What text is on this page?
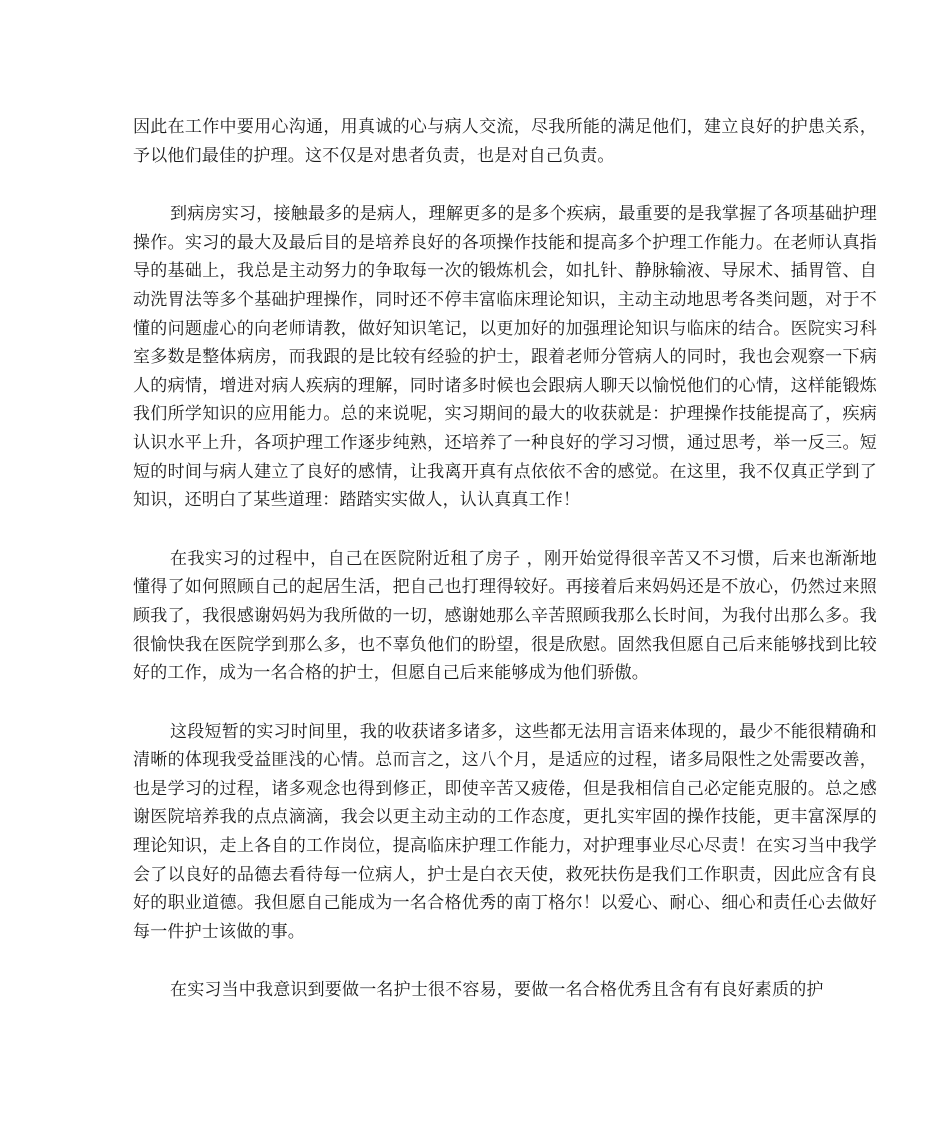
因此在工作中要用心沟通，用真诚的心与病人交流，尽我所能的满足他们，建立良好的护患关系，予以他们最佳的护理。这不仅是对患者负责，也是对自己负责。

到病房实习，接触最多的是病人，理解更多的是多个疾病，最重要的是我掌握了各项基础护理操作。实习的最大及最后目的是培养良好的各项操作技能和提高多个护理工作能力。在老师认真指导的基础上，我总是主动努力的争取每一次的锻炼机会，如扎针、静脉输液、导尿术、插胃管、自动洗胃法等多个基础护理操作，同时还不停丰富临床理论知识，主动主动地思考各类问题，对于不懂的问题虚心的向老师请教，做好知识笔记，以更加好的加强理论知识与临床的结合。医院实习科室多数是整体病房，而我跟的是比较有经验的护士，跟着老师分管病人的同时，我也会观察一下病人的病情，增进对病人疾病的理解，同时诸多时候也会跟病人聊天以愉悦他们的心情，这样能锻炼我们所学知识的应用能力。总的来说呢，实习期间的最大的收获就是：护理操作技能提高了，疾病认识水平上升，各项护理工作逐步纯熟，还培养了一种良好的学习习惯，通过思考，举一反三。短短的时间与病人建立了良好的感情，让我离开真有点依依不舍的感觉。在这里，我不仅真正学到了知识，还明白了某些道理：踏踏实实做人，认认真真工作！

在我实习的过程中，自己在医院附近租了房子 ，刚开始觉得很辛苦又不习惯，后来也渐渐地懂得了如何照顾自己的起居生活，把自己也打理得较好。再接着后来妈妈还是不放心，仍然过来照顾我了，我很感谢妈妈为我所做的一切，感谢她那么辛苦照顾我那么长时间，为我付出那么多。我很愉快我在医院学到那么多，也不辜负他们的盼望，很是欣慰。固然我但愿自己后来能够找到比较好的工作，成为一名合格的护士，但愿自己后来能够成为他们骄傲。

这段短暂的实习时间里，我的收获诸多诸多，这些都无法用言语来体现的，最少不能很精确和清晰的体现我受益匪浅的心情。总而言之，这八个月，是适应的过程，诸多局限性之处需要改善，也是学习的过程，诸多观念也得到修正，即使辛苦又疲倦，但是我相信自己必定能克服的。总之感谢医院培养我的点点滴滴，我会以更主动主动的工作态度，更扎实牢固的操作技能，更丰富深厚的理论知识，走上各自的工作岗位，提高临床护理工作能力，对护理事业尽心尽责！在实习当中我学会了以良好的品德去看待每一位病人，护士是白衣天使，救死扶伤是我们工作职责，因此应含有良好的职业道德。我但愿自己能成为一名合格优秀的南丁格尔！以爱心、耐心、细心和责任心去做好每一件护士该做的事。

在实习当中我意识到要做一名护士很不容易，要做一名合格优秀且含有有良好素质的护
